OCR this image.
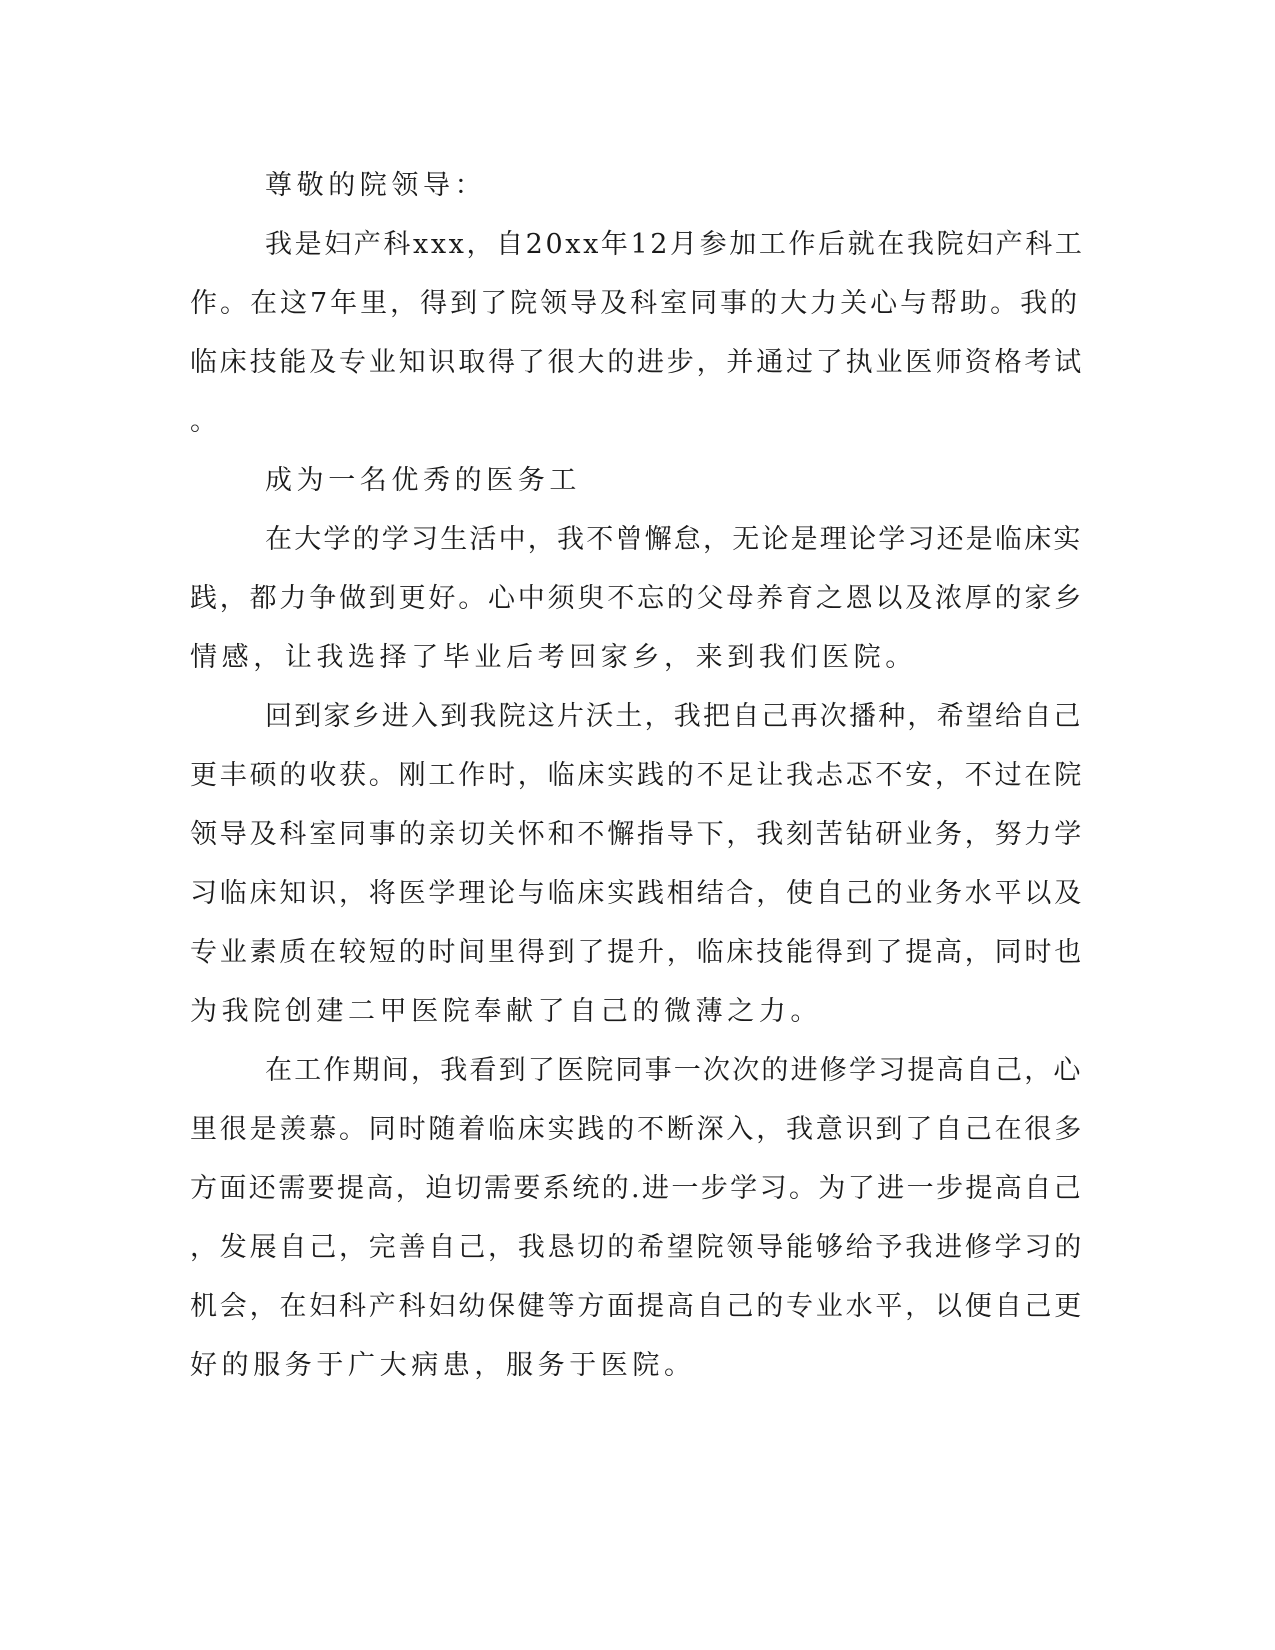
尊敬的院领导：
我是妇产科xxx，自20xx年12月参加工作后就在我院妇产科工
作。在这7年里，得到了院领导及科室同事的大力关心与帮助。我的
临床技能及专业知识取得了很大的进步，并通过了执业医师资格考试
。
成为一名优秀的医务工
在大学的学习生活中，我不曾懈怠，无论是理论学习还是临床实
践，都力争做到更好。心中须臾不忘的父母养育之恩以及浓厚的家乡
情感，让我选择了毕业后考回家乡，来到我们医院。
回到家乡进入到我院这片沃土，我把自己再次播种，希望给自己
更丰硕的收获。刚工作时，临床实践的不足让我忐忑不安，不过在院
领导及科室同事的亲切关怀和不懈指导下，我刻苦钻研业务，努力学
习临床知识，将医学理论与临床实践相结合，使自己的业务水平以及
专业素质在较短的时间里得到了提升，临床技能得到了提高，同时也
为我院创建二甲医院奉献了自己的微薄之力。
在工作期间，我看到了医院同事一次次的进修学习提高自己，心
里很是羡慕。同时随着临床实践的不断深入，我意识到了自己在很多
方面还需要提高，迫切需要系统的.进一步学习。为了进一步提高自己
，发展自己，完善自己，我恳切的希望院领导能够给予我进修学习的
机会，在妇科产科妇幼保健等方面提高自己的专业水平，以便自己更
好的服务于广大病患，服务于医院。
